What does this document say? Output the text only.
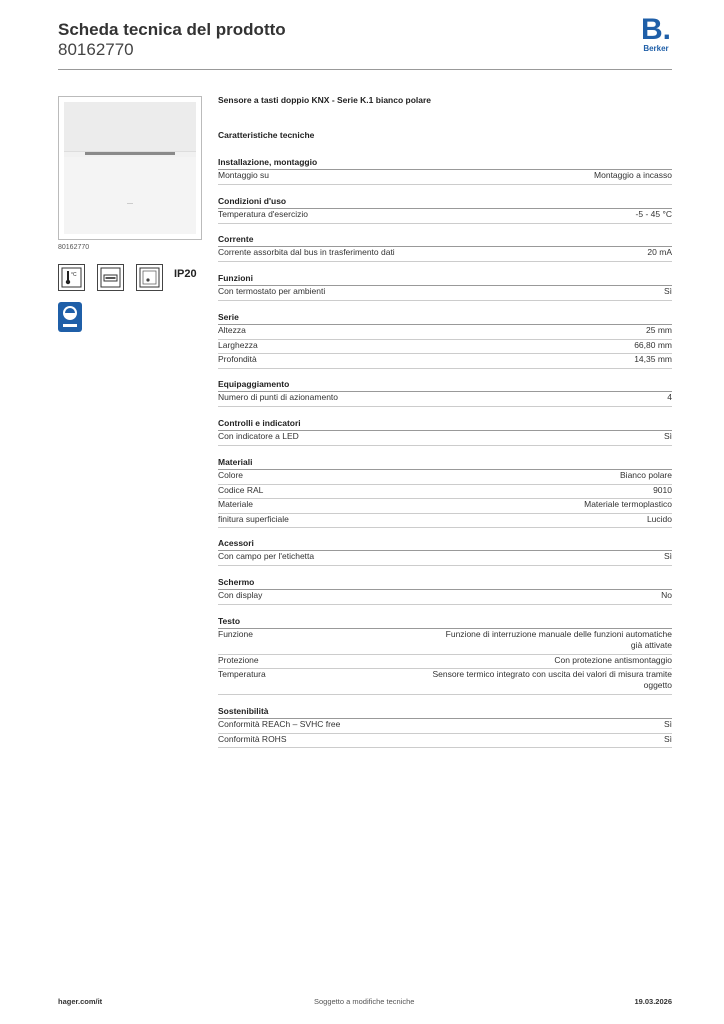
Scheda tecnica del prodotto
80162770
B.
Berker
80162770
°C	IP20
Sensore a tasti doppio KNX - Serie K.1 bianco polare
Caratteristiche tecniche
Installazione, montaggio
Montaggio su	Montaggio a incasso
Condizioni d'uso
Temperatura d'esercizio	-5 - 45 °C
Corrente
Corrente assorbita dal bus in trasferimento dati	20 mA
Funzioni
Con termostato per ambienti	Sì
Serie
Altezza	25 mm
Larghezza	66,80 mm
Profondità	14,35 mm
Equipaggiamento
Numero di punti di azionamento	4
Controlli e indicatori
Con indicatore a LED	Sì
Materiali
Colore	Bianco polare
Codice RAL	9010
Materiale	Materiale termoplastico
finitura superficiale	Lucido
Acessori
Con campo per l'etichetta	Sì
Schermo
Con display	No
Testo
Funzione	Funzione di interruzione manuale delle funzioni automatiche già attivate
Protezione	Con protezione antismontaggio
Temperatura	Sensore termico integrato con uscita dei valori di misura tramite oggetto
Sostenibilità
Conformità REACh – SVHC free	Sì
Conformità ROHS	Sì
hager.com/it	Soggetto a modifiche tecniche	19.03.2026
